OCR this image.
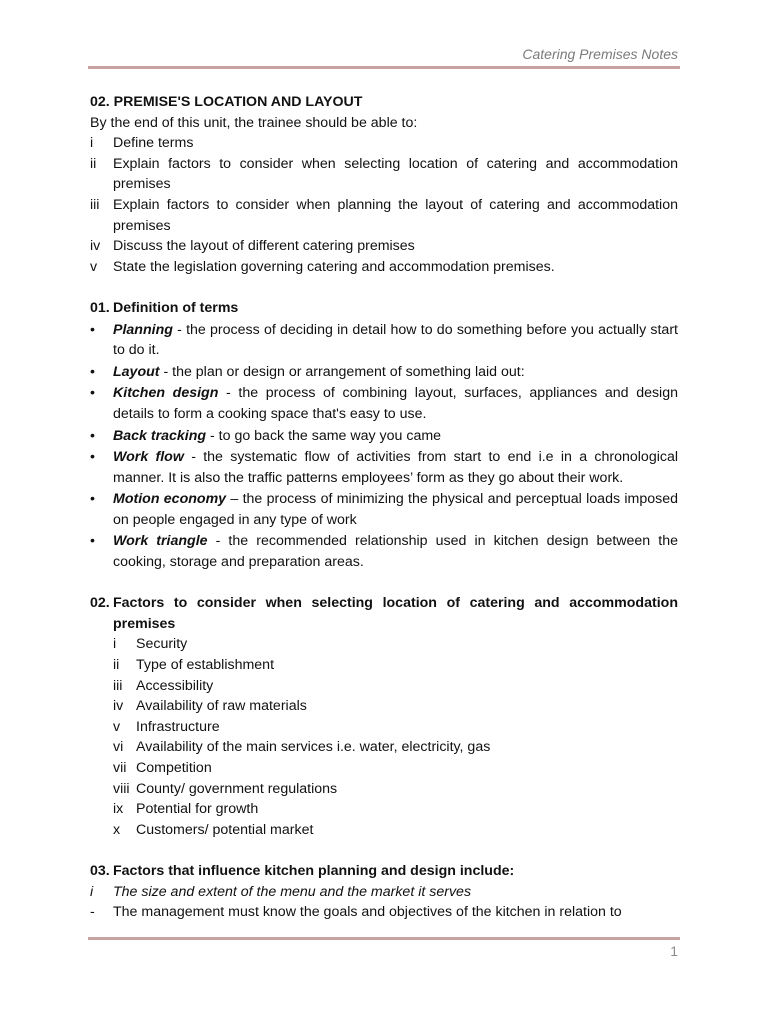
Catering Premises Notes

02. PREMISE'S LOCATION AND LAYOUT

By the end of this unit, the trainee should be able to:

i	Define terms
ii	Explain factors to consider when selecting location of catering and accommodation premises
iii Explain factors to consider when planning the layout of catering and accommodation premises
iv Discuss the layout of different catering premises
v	State the legislation governing catering and accommodation premises.
01. Definition of terms
•	Planning - the process of deciding in detail how to do something before you actually start to do it.
•	Layout - the plan or design or arrangement of something laid out:
•	Kitchen design - the process of combining layout, surfaces, appliances and design details to form a cooking space that's easy to use.
•	Back tracking - to go back the same way you came
•	Work flow - the systematic flow of activities from start to end i.e in a chronological manner. It is also the traffic patterns employees’ form as they go about their work.
•	Motion economy – the process of minimizing the physical and perceptual loads imposed on people engaged in any type of work
•	Work triangle - the recommended relationship used in kitchen design between the cooking, storage and preparation areas.
02. Factors to consider when selecting location of catering and accommodation premises
i	Security
ii	Type of establishment
iii Accessibility
iv Availability of raw materials
v	Infrastructure
vi Availability of the main services i.e. water, electricity, gas
vii Competition
viii County/ government regulations
ix Potential for growth
x	Customers/ potential market
03. Factors that influence kitchen planning and design include:
i	The size and extent of the menu and the market it serves
-	The management must know the goals and objectives of the kitchen in relation to
1
